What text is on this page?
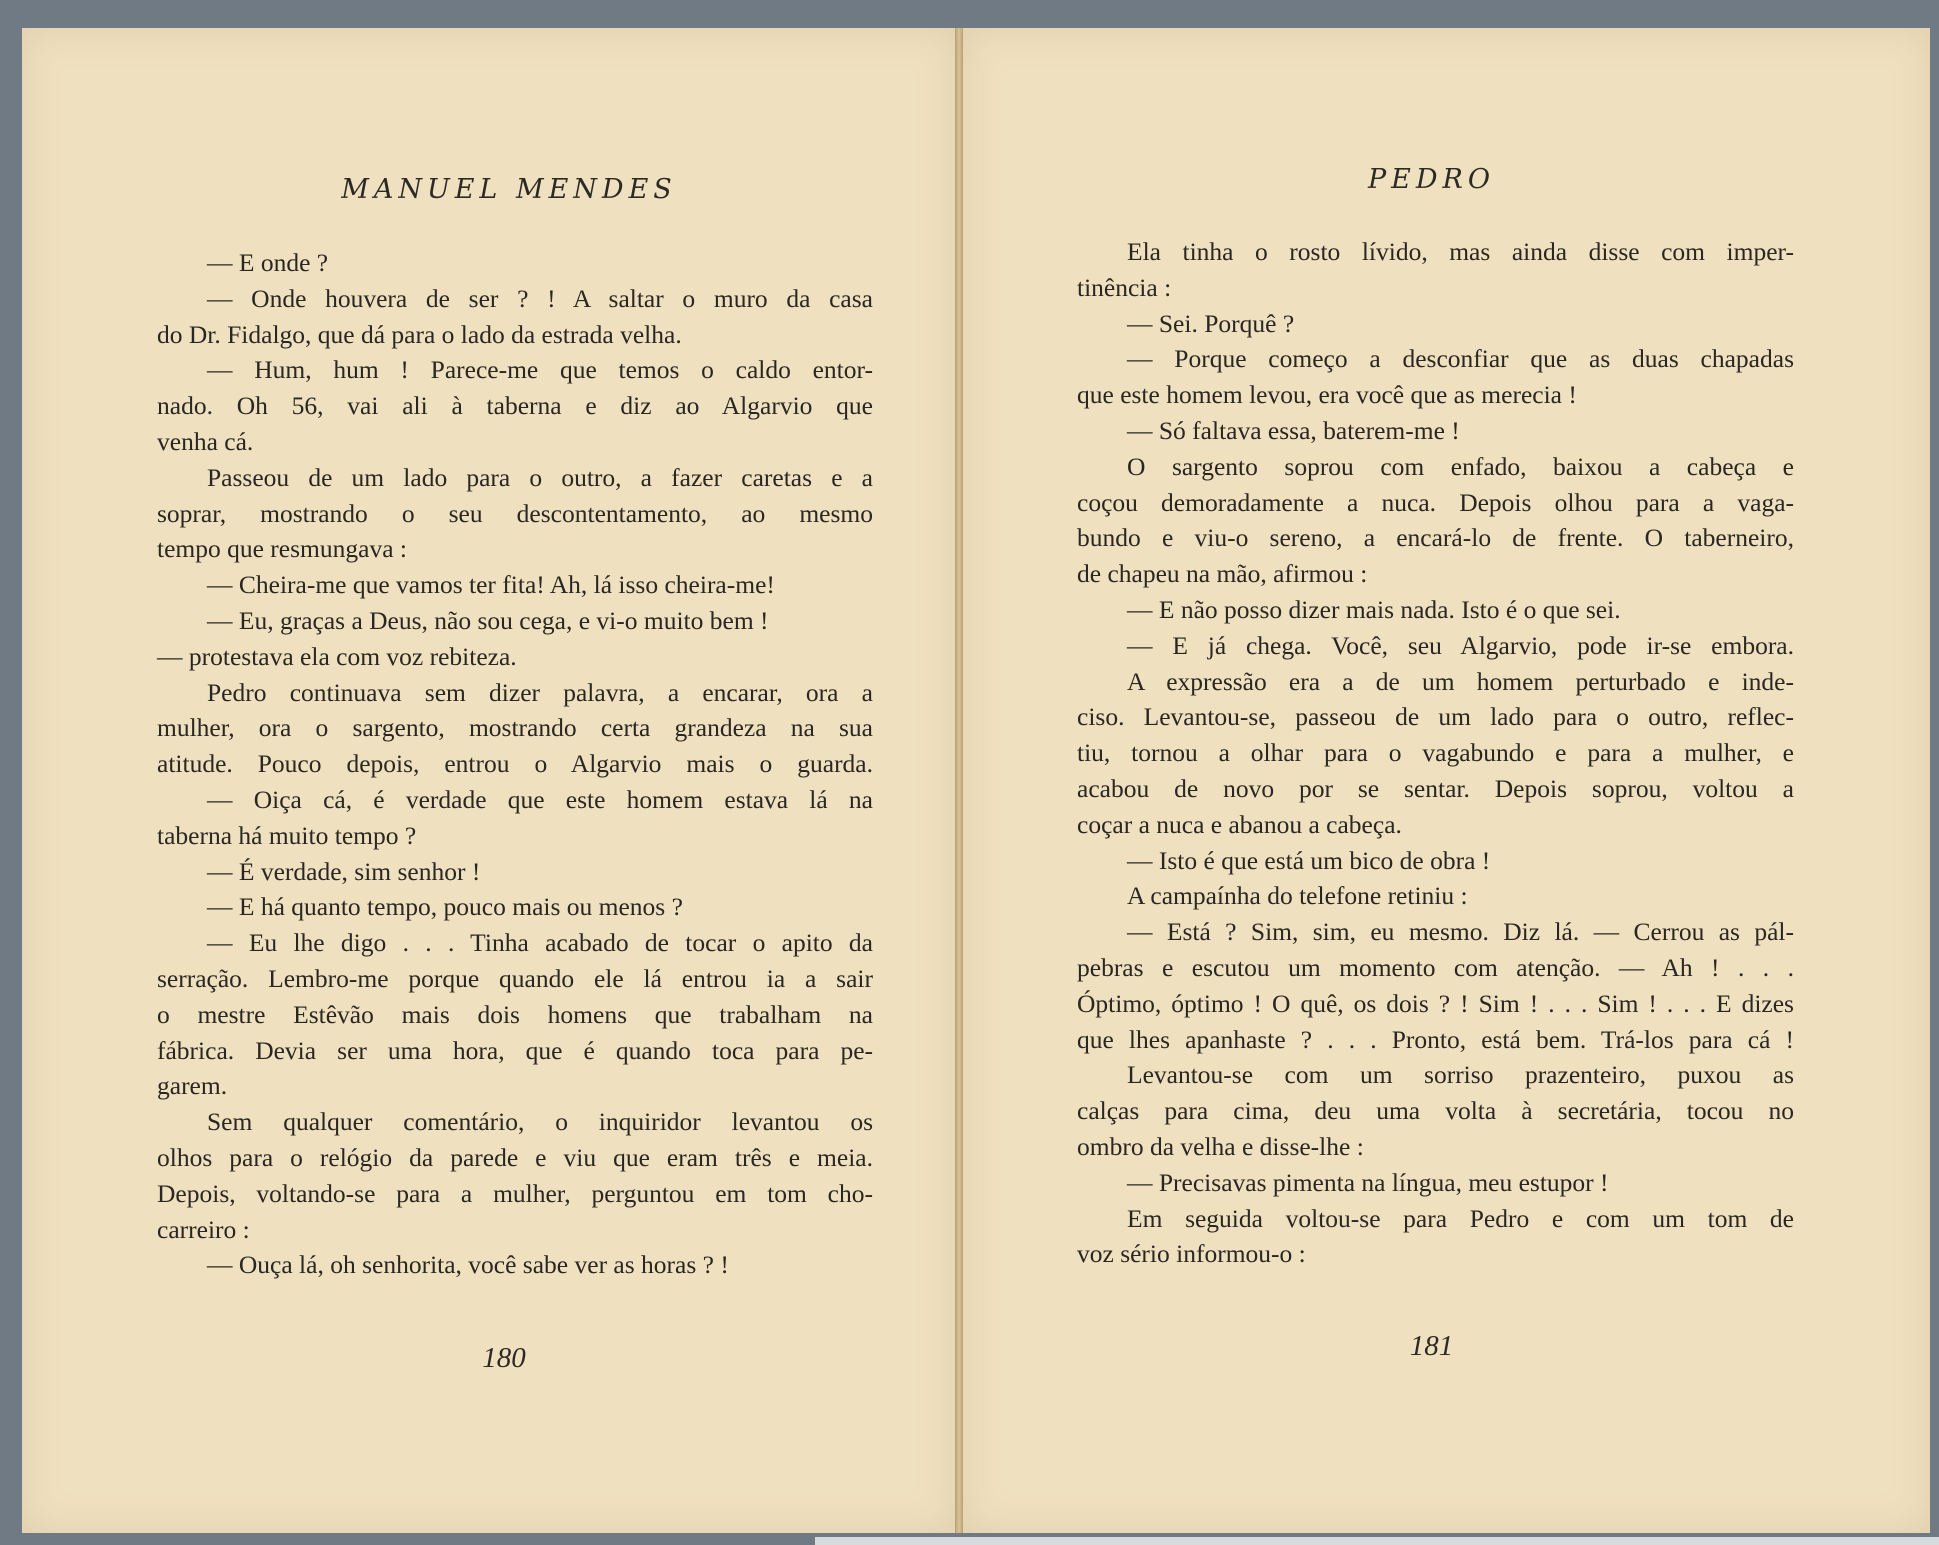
MANUEL MENDES
— E onde ?
— Onde houvera de ser ? ! A saltar o muro da casa
do Dr. Fidalgo, que dá para o lado da estrada velha.
— Hum, hum ! Parece-me que temos o caldo entor-
nado. Oh 56, vai ali à taberna e diz ao Algarvio que
venha cá.
Passeou de um lado para o outro, a fazer caretas e a
soprar, mostrando o seu descontentamento, ao mesmo
tempo que resmungava :
— Cheira-me que vamos ter fita! Ah, lá isso cheira-me!
— Eu, graças a Deus, não sou cega, e vi-o muito bem !
— protestava ela com voz rebiteza.
Pedro continuava sem dizer palavra, a encarar, ora a
mulher, ora o sargento, mostrando certa grandeza na sua
atitude. Pouco depois, entrou o Algarvio mais o guarda.
— Oiça cá, é verdade que este homem estava lá na
taberna há muito tempo ?
— É verdade, sim senhor !
— E há quanto tempo, pouco mais ou menos ?
— Eu lhe digo . . . Tinha acabado de tocar o apito da
serração. Lembro-me porque quando ele lá entrou ia a sair
o mestre Estêvão mais dois homens que trabalham na
fábrica. Devia ser uma hora, que é quando toca para pe-
garem.
Sem qualquer comentário, o inquiridor levantou os
olhos para o relógio da parede e viu que eram três e meia.
Depois, voltando-se para a mulher, perguntou em tom cho-
carreiro :
— Ouça lá, oh senhorita, você sabe ver as horas ? !
180
PEDRO
Ela tinha o rosto lívido, mas ainda disse com imper-
tinência :
— Sei. Porquê ?
— Porque começo a desconfiar que as duas chapadas
que este homem levou, era você que as merecia !
— Só faltava essa, baterem-me !
O sargento soprou com enfado, baixou a cabeça e
coçou demoradamente a nuca. Depois olhou para a vaga-
bundo e viu-o sereno, a encará-lo de frente. O taberneiro,
de chapeu na mão, afirmou :
— E não posso dizer mais nada. Isto é o que sei.
— E já chega. Você, seu Algarvio, pode ir-se embora.
A expressão era a de um homem perturbado e inde-
ciso. Levantou-se, passeou de um lado para o outro, reflec-
tiu, tornou a olhar para o vagabundo e para a mulher, e
acabou de novo por se sentar. Depois soprou, voltou a
coçar a nuca e abanou a cabeça.
— Isto é que está um bico de obra !
A campaínha do telefone retiniu :
— Está ? Sim, sim, eu mesmo. Diz lá. — Cerrou as pál-
pebras e escutou um momento com atenção. — Ah ! . . .
Óptimo, óptimo ! O quê, os dois ? ! Sim ! . . . Sim ! . . . E dizes
que lhes apanhaste ? . . . Pronto, está bem. Trá-los para cá !
Levantou-se com um sorriso prazenteiro, puxou as
calças para cima, deu uma volta à secretária, tocou no
ombro da velha e disse-lhe :
— Precisavas pimenta na língua, meu estupor !
Em seguida voltou-se para Pedro e com um tom de
voz sério informou-o :
181
